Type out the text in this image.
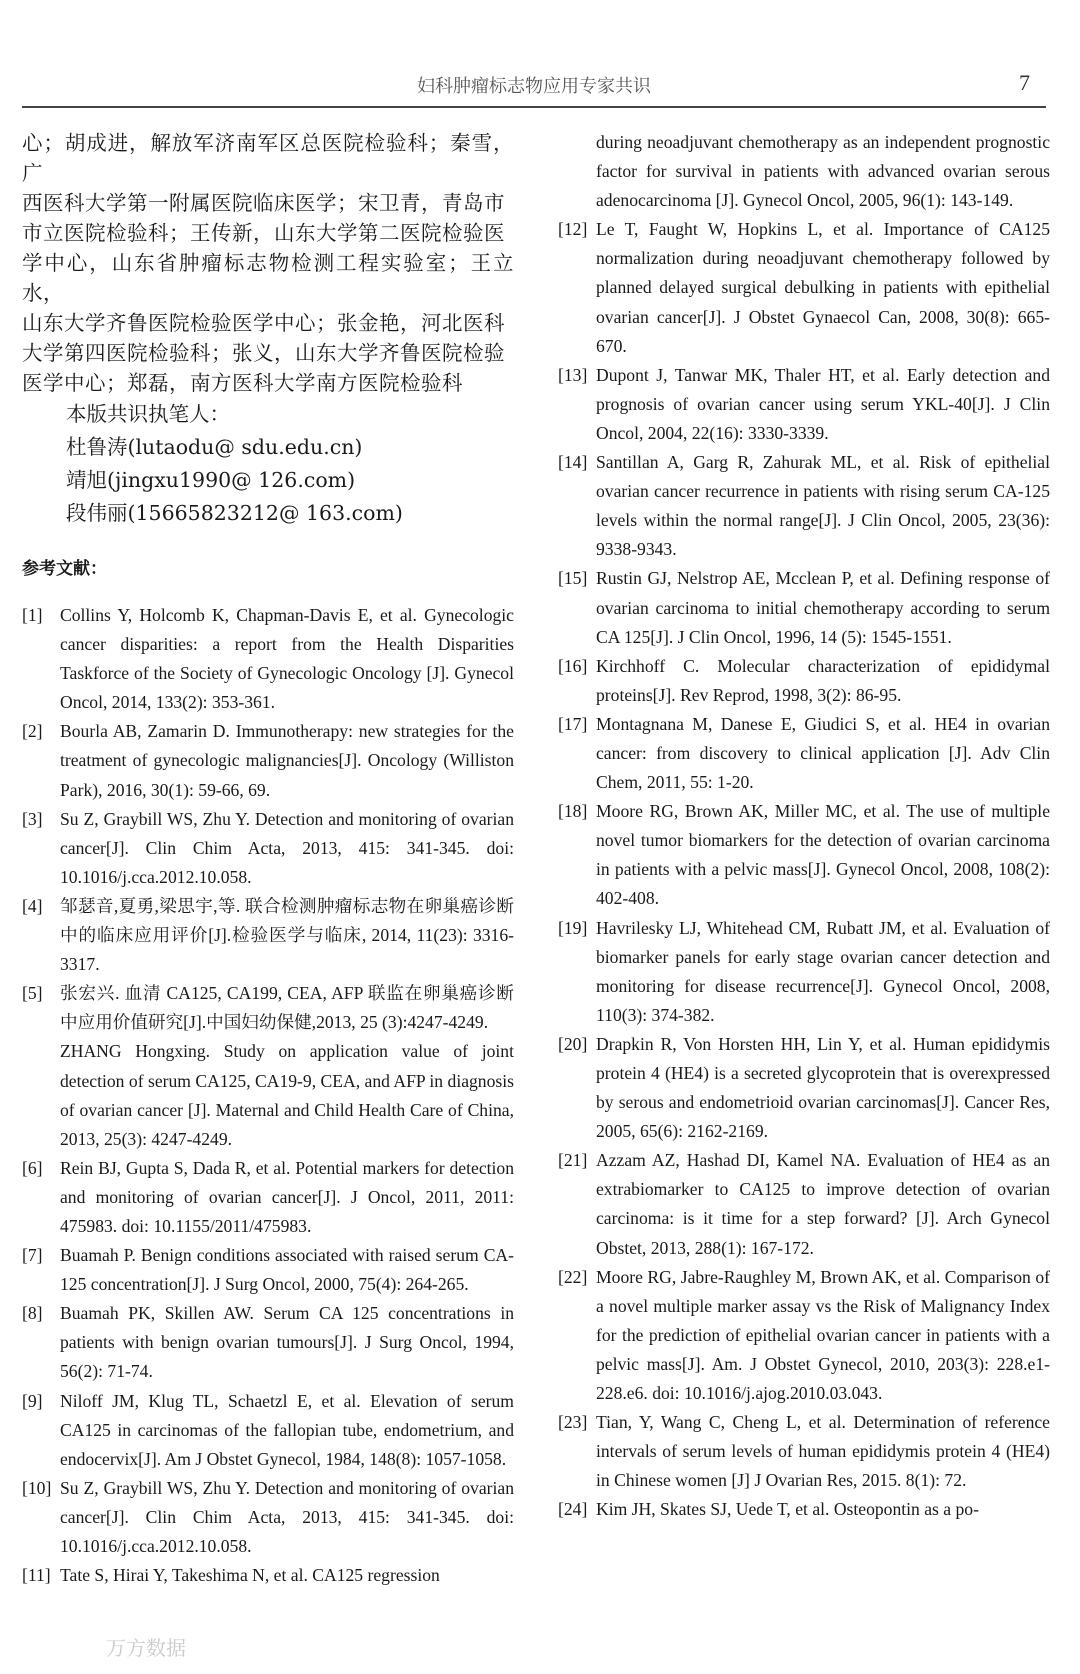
妇科肿瘤标志物应用专家共识	7

心；胡成进，解放军济南军区总医院检验科；秦雪，广

西医科大学第一附属医院临床医学；宋卫青，青岛市

市立医院检验科；王传新，山东大学第二医院检验医

学中心，山东省肿瘤标志物检测工程实验室；王立水，

山东大学齐鲁医院检验医学中心；张金艳，河北医科

大学第四医院检验科；张义，山东大学齐鲁医院检验

医学中心；郑磊，南方医科大学南方医院检验科

本版共识执笔人：

杜鲁涛(lutaodu@ sdu.edu.cn)

靖旭(jingxu1990@ 126.com)

段伟丽(15665823212@ 163.com)

参考文献：
[1] Collins Y, Holcomb K, Chapman-Davis E, et al. Gynecologic cancer disparities: a report from the Health Disparities Taskforce of the Society of Gynecologic Oncology [J]. Gynecol Oncol, 2014, 133(2): 353-361.
[2] Bourla AB, Zamarin D. Immunotherapy: new strategies for the treatment of gynecologic malignancies[J]. Oncology (Williston Park), 2016, 30(1): 59-66, 69.
[3] Su Z, Graybill WS, Zhu Y. Detection and monitoring of ovarian cancer[J]. Clin Chim Acta, 2013, 415: 341-345. doi: 10.1016/j.cca.2012.10.058.
[4] 邹瑟音,夏勇,梁思宇,等. 联合检测肿瘤标志物在卵巢癌诊断中的临床应用评价[J].检验医学与临床, 2014, 11(23): 3316-3317.
[5] 张宏兴. 血清 CA125, CA199, CEA, AFP 联监在卵巢癌诊断中应用价值研究[J].中国妇幼保健,2013, 25 (3):4247-4249.
ZHANG Hongxing. Study on application value of joint detection of serum CA125, CA19-9, CEA, and AFP in diagnosis of ovarian cancer [J]. Maternal and Child Health Care of China, 2013, 25(3): 4247-4249.
[6] Rein BJ, Gupta S, Dada R, et al. Potential markers for detection and monitoring of ovarian cancer[J]. J Oncol, 2011, 2011: 475983. doi: 10.1155/2011/475983.
[7] Buamah P. Benign conditions associated with raised serum CA-125 concentration[J]. J Surg Oncol, 2000, 75(4): 264-265.
[8] Buamah PK, Skillen AW. Serum CA 125 concentrations in patients with benign ovarian tumours[J]. J Surg Oncol, 1994, 56(2): 71-74.
[9] Niloff JM, Klug TL, Schaetzl E, et al. Elevation of serum CA125 in carcinomas of the fallopian tube, endometrium, and endocervix[J]. Am J Obstet Gynecol, 1984, 148(8): 1057-1058.
[10] Su Z, Graybill WS, Zhu Y. Detection and monitoring of ovarian cancer[J]. Clin Chim Acta, 2013, 415: 341-345. doi: 10.1016/j.cca.2012.10.058.
[11] Tate S, Hirai Y, Takeshima N, et al. CA125 regression
during neoadjuvant chemotherapy as an independent prognostic factor for survival in patients with advanced ovarian serous adenocarcinoma [J]. Gynecol Oncol, 2005, 96(1): 143-149.
[12] Le T, Faught W, Hopkins L, et al. Importance of CA125 normalization during neoadjuvant chemotherapy followed by planned delayed surgical debulking in patients with epithelial ovarian cancer[J]. J Obstet Gynaecol Can, 2008, 30(8): 665-670.
[13] Dupont J, Tanwar MK, Thaler HT, et al. Early detection and prognosis of ovarian cancer using serum YKL-40[J]. J Clin Oncol, 2004, 22(16): 3330-3339.
[14] Santillan A, Garg R, Zahurak ML, et al. Risk of epithelial ovarian cancer recurrence in patients with rising serum CA-125 levels within the normal range[J]. J Clin Oncol, 2005, 23(36): 9338-9343.
[15] Rustin GJ, Nelstrop AE, Mcclean P, et al. Defining response of ovarian carcinoma to initial chemotherapy according to serum CA 125[J]. J Clin Oncol, 1996, 14 (5): 1545-1551.
[16] Kirchhoff C. Molecular characterization of epididymal proteins[J]. Rev Reprod, 1998, 3(2): 86-95.
[17] Montagnana M, Danese E, Giudici S, et al. HE4 in ovarian cancer: from discovery to clinical application [J]. Adv Clin Chem, 2011, 55: 1-20.
[18] Moore RG, Brown AK, Miller MC, et al. The use of multiple novel tumor biomarkers for the detection of ovarian carcinoma in patients with a pelvic mass[J]. Gynecol Oncol, 2008, 108(2): 402-408.
[19] Havrilesky LJ, Whitehead CM, Rubatt JM, et al. Evaluation of biomarker panels for early stage ovarian cancer detection and monitoring for disease recurrence[J]. Gynecol Oncol, 2008, 110(3): 374-382.
[20] Drapkin R, Von Horsten HH, Lin Y, et al. Human epididymis protein 4 (HE4) is a secreted glycoprotein that is overexpressed by serous and endometrioid ovarian carcinomas[J]. Cancer Res, 2005, 65(6): 2162-2169.
[21] Azzam AZ, Hashad DI, Kamel NA. Evaluation of HE4 as an extrabiomarker to CA125 to improve detection of ovarian carcinoma: is it time for a step forward? [J]. Arch Gynecol Obstet, 2013, 288(1): 167-172.
[22] Moore RG, Jabre-Raughley M, Brown AK, et al. Comparison of a novel multiple marker assay vs the Risk of Malignancy Index for the prediction of epithelial ovarian cancer in patients with a pelvic mass[J]. Am. J Obstet Gynecol, 2010, 203(3): 228.e1-228.e6. doi: 10.1016/j.ajog.2010.03.043.
[23] Tian, Y, Wang C, Cheng L, et al. Determination of reference intervals of serum levels of human epididymis protein 4 (HE4) in Chinese women [J] J Ovarian Res, 2015. 8(1): 72.
[24] Kim JH, Skates SJ, Uede T, et al. Osteopontin as a po-
万方数据
